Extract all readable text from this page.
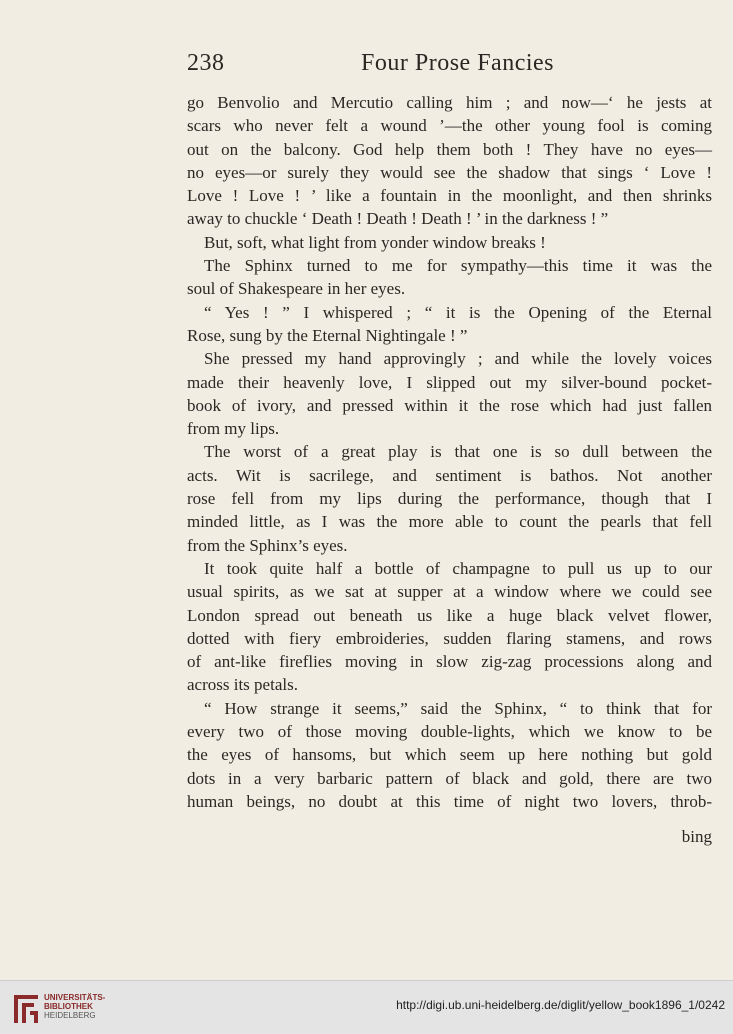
238	Four Prose Fancies
go Benvolio and Mercutio calling him ; and now—‘ he jests at
scars who never felt a wound ’—the other young fool is coming
out on the balcony. God help them both ! They have no eyes—
no eyes—or surely they would see the shadow that sings ‘ Love !
Love ! Love ! ’ like a fountain in the moonlight, and then shrinks
away to chuckle ‘ Death ! Death ! Death ! ’ in the darkness ! ”
But, soft, what light from yonder window breaks !
The Sphinx turned to me for sympathy—this time it was the
soul of Shakespeare in her eyes.
“ Yes ! ” I whispered ; “ it is the Opening of the Eternal
Rose, sung by the Eternal Nightingale ! ”
She pressed my hand approvingly ; and while the lovely voices
made their heavenly love, I slipped out my silver-bound pocket-
book of ivory, and pressed within it the rose which had just fallen
from my lips.
The worst of a great play is that one is so dull between the
acts. Wit is sacrilege, and sentiment is bathos. Not another
rose fell from my lips during the performance, though that I
minded little, as I was the more able to count the pearls that fell
from the Sphinx’s eyes.
It took quite half a bottle of champagne to pull us up to our
usual spirits, as we sat at supper at a window where we could see
London spread out beneath us like a huge black velvet flower,
dotted with fiery embroideries, sudden flaring stamens, and rows
of ant-like fireflies moving in slow zig-zag processions along and
across its petals.
“ How strange it seems,” said the Sphinx, “ to think that for
every two of those moving double-lights, which we know to be
the eyes of hansoms, but which seem up here nothing but gold
dots in a very barbaric pattern of black and gold, there are two
human beings, no doubt at this time of night two lovers, throb-
bing
UNIVERSITÄTS-
BIBLIOTHEK
HEIDELBERG
http://digi.ub.uni-heidelberg.de/diglit/yellow_book1896_1/0242
